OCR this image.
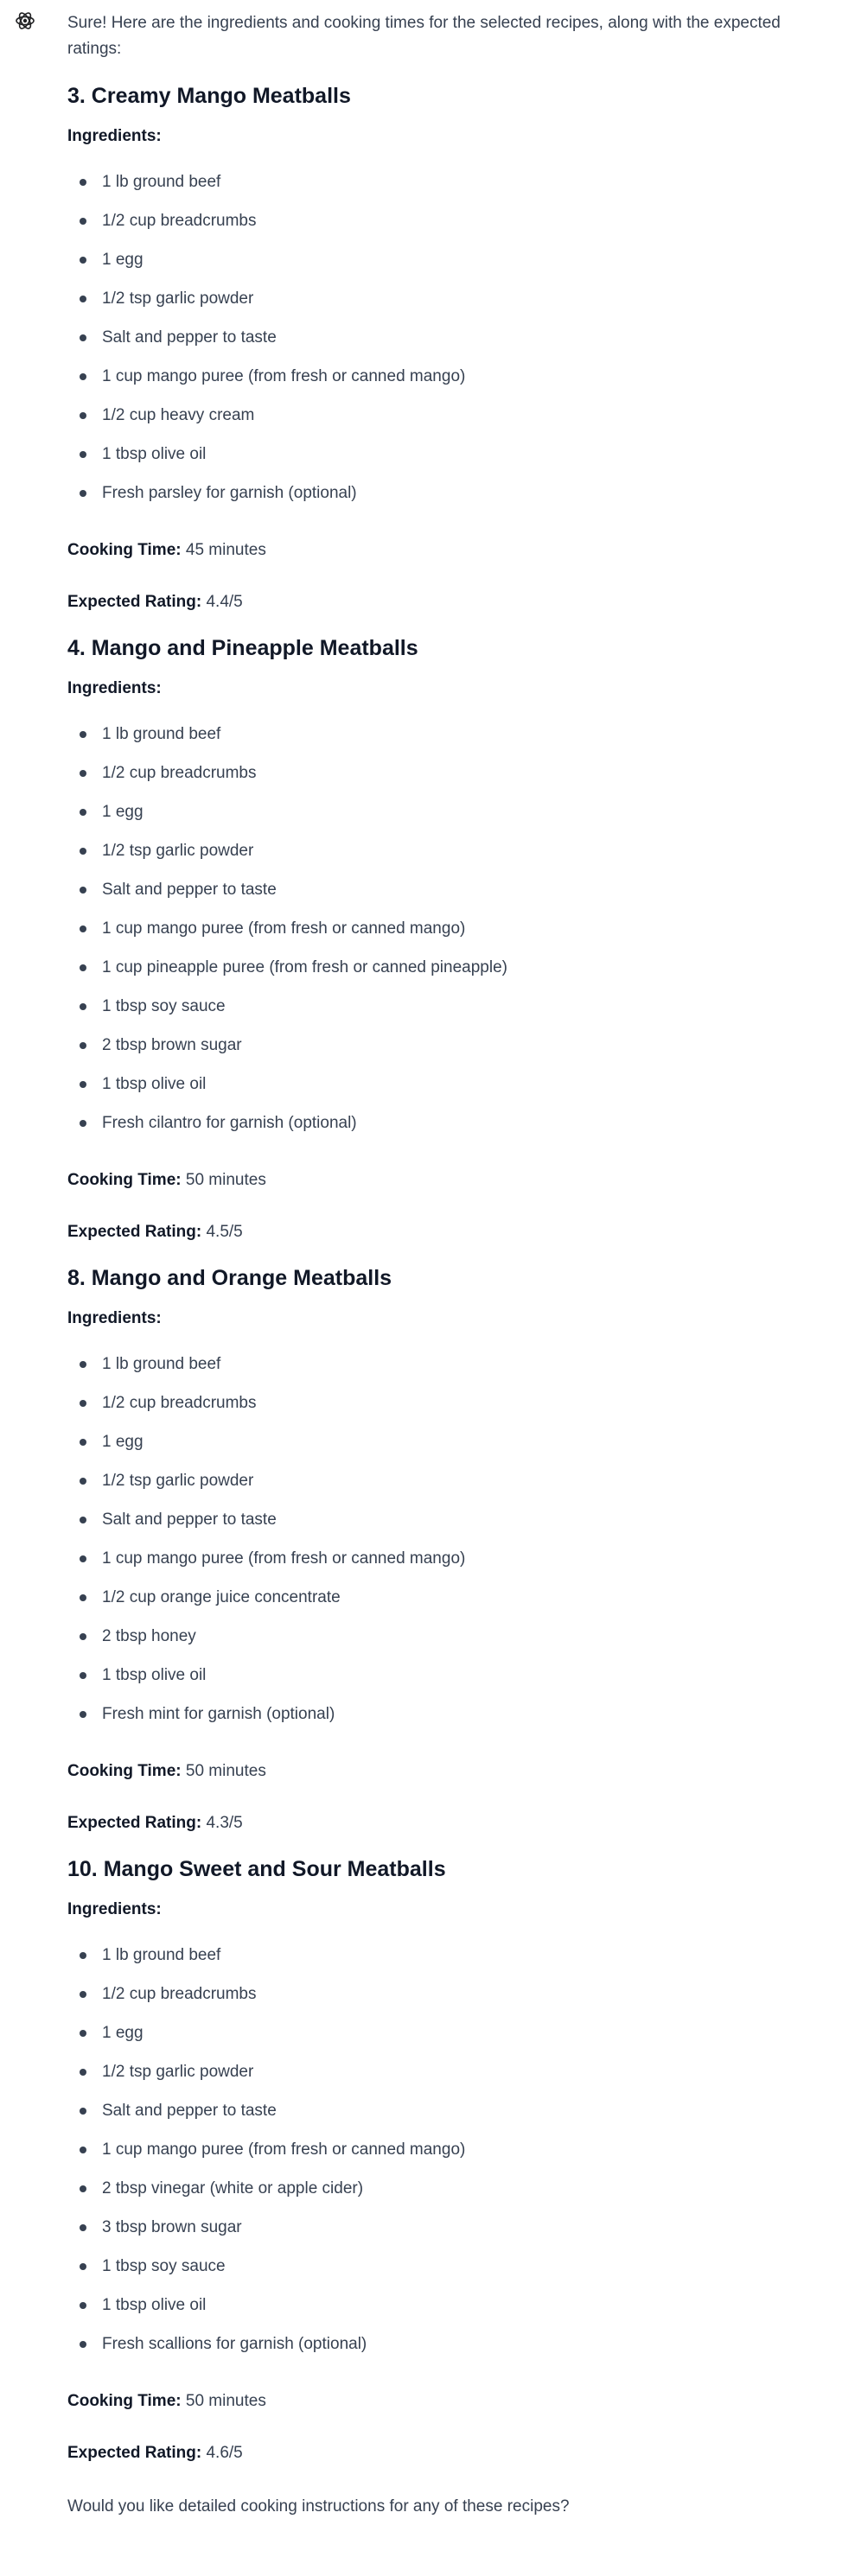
Sure! Here are the ingredients and cooking times for the selected recipes, along with the expected ratings:

3. Creamy Mango Meatballs

Ingredients:

1 lb ground beef
1/2 cup breadcrumbs
1 egg
1/2 tsp garlic powder
Salt and pepper to taste
1 cup mango puree (from fresh or canned mango)
1/2 cup heavy cream
1 tbsp olive oil
Fresh parsley for garnish (optional)

Cooking Time: 45 minutes

Expected Rating: 4.4/5

4. Mango and Pineapple Meatballs

Ingredients:

1 lb ground beef
1/2 cup breadcrumbs
1 egg
1/2 tsp garlic powder
Salt and pepper to taste
1 cup mango puree (from fresh or canned mango)
1 cup pineapple puree (from fresh or canned pineapple)
1 tbsp soy sauce
2 tbsp brown sugar
1 tbsp olive oil
Fresh cilantro for garnish (optional)

Cooking Time: 50 minutes

Expected Rating: 4.5/5

8. Mango and Orange Meatballs

Ingredients:

1 lb ground beef
1/2 cup breadcrumbs
1 egg
1/2 tsp garlic powder
Salt and pepper to taste
1 cup mango puree (from fresh or canned mango)
1/2 cup orange juice concentrate
2 tbsp honey
1 tbsp olive oil
Fresh mint for garnish (optional)

Cooking Time: 50 minutes

Expected Rating: 4.3/5

10. Mango Sweet and Sour Meatballs

Ingredients:

1 lb ground beef
1/2 cup breadcrumbs
1 egg
1/2 tsp garlic powder
Salt and pepper to taste
1 cup mango puree (from fresh or canned mango)
2 tbsp vinegar (white or apple cider)
3 tbsp brown sugar
1 tbsp soy sauce
1 tbsp olive oil
Fresh scallions for garnish (optional)

Cooking Time: 50 minutes

Expected Rating: 4.6/5

Would you like detailed cooking instructions for any of these recipes?
